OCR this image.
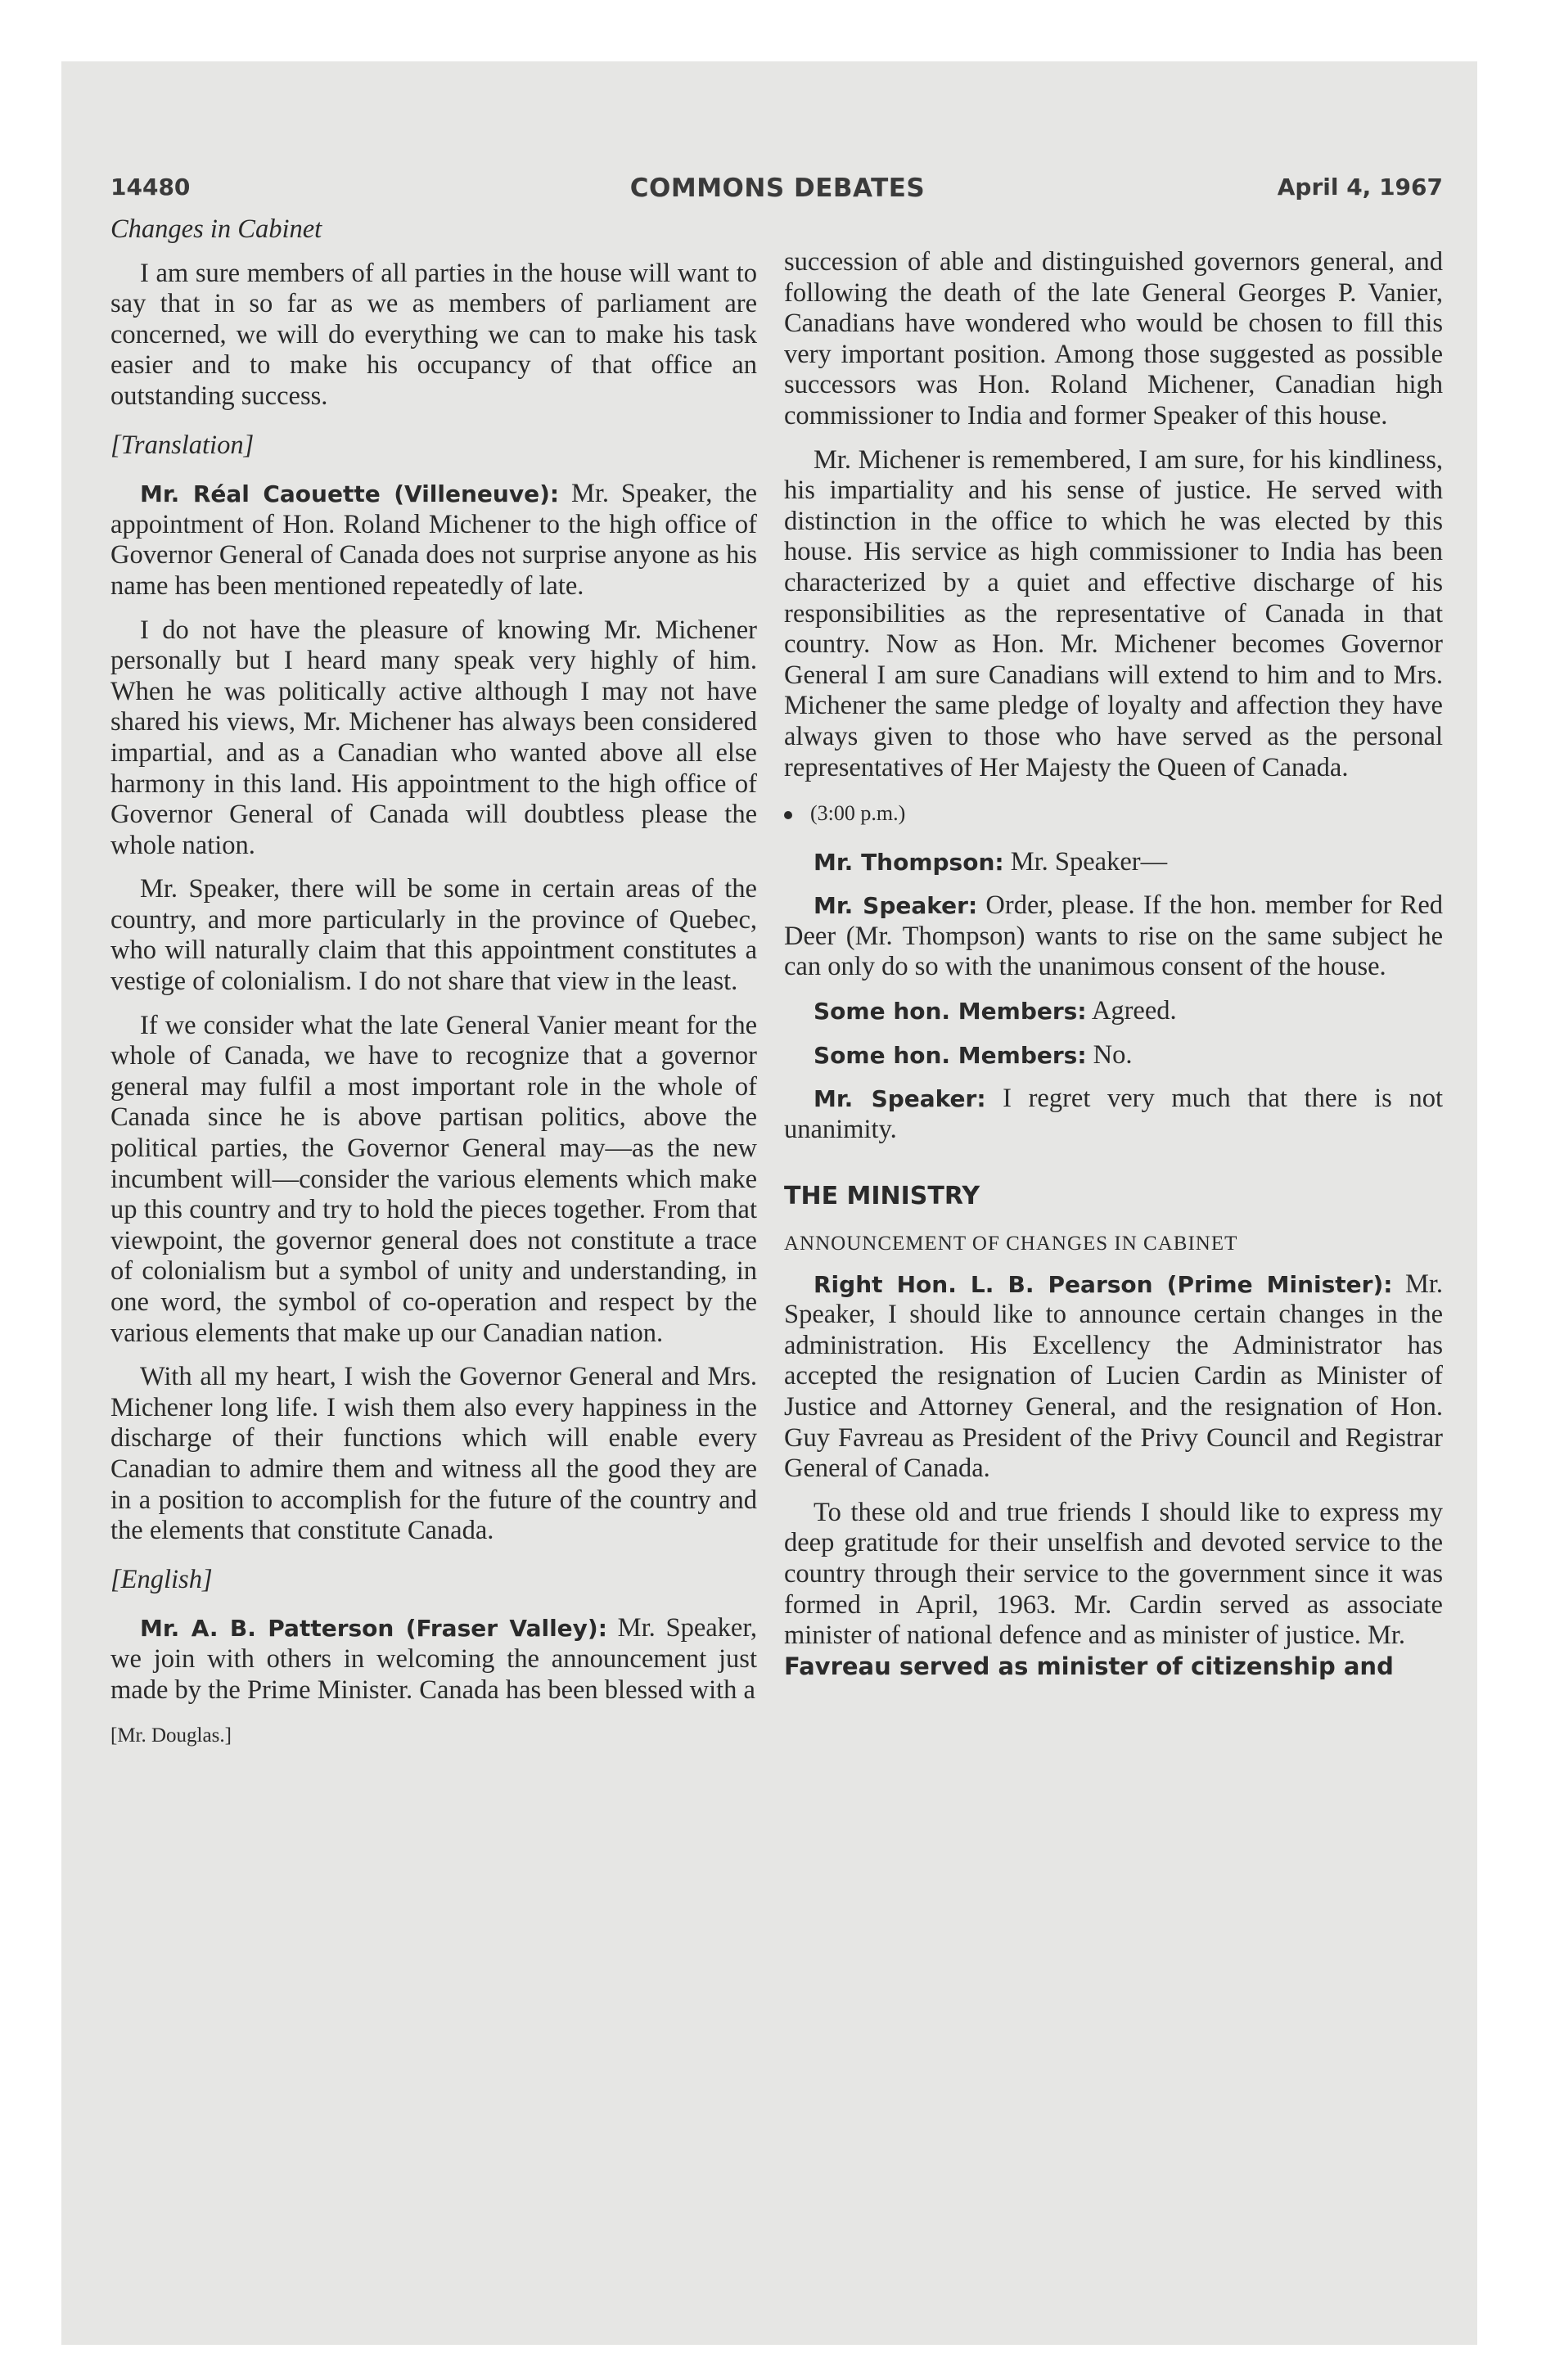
14480	COMMONS DEBATES	April 4, 1967

Changes in Cabinet

I am sure members of all parties in the house will want to say that in so far as we as members of parliament are concerned, we will do everything we can to make his task easier and to make his occupancy of that office an outstanding success.

[Translation]

Mr. Réal Caouette (Villeneuve): Mr. Speaker, the appointment of Hon. Roland Michener to the high office of Governor General of Canada does not surprise anyone as his name has been mentioned repeatedly of late.

I do not have the pleasure of knowing Mr. Michener personally but I heard many speak very highly of him. When he was politically active although I may not have shared his views, Mr. Michener has always been considered impartial, and as a Canadian who wanted above all else harmony in this land. His appointment to the high office of Governor General of Canada will doubtless please the whole nation.

Mr. Speaker, there will be some in certain areas of the country, and more particularly in the province of Quebec, who will naturally claim that this appointment constitutes a vestige of colonialism. I do not share that view in the least.

If we consider what the late General Vanier meant for the whole of Canada, we have to recognize that a governor general may fulfil a most important role in the whole of Canada since he is above partisan politics, above the political parties, the Governor General may—as the new incumbent will—consider the various elements which make up this country and try to hold the pieces together. From that viewpoint, the governor general does not constitute a trace of colonialism but a symbol of unity and understanding, in one word, the symbol of co-operation and respect by the various elements that make up our Canadian nation.

With all my heart, I wish the Governor General and Mrs. Michener long life. I wish them also every happiness in the discharge of their functions which will enable every Canadian to admire them and witness all the good they are in a position to accomplish for the future of the country and the elements that constitute Canada.

[English]

Mr. A. B. Patterson (Fraser Valley): Mr. Speaker, we join with others in welcoming the announcement just made by the Prime Minister. Canada has been blessed with a

[Mr. Douglas.]

succession of able and distinguished governors general, and following the death of the late General Georges P. Vanier, Canadians have wondered who would be chosen to fill this very important position. Among those suggested as possible successors was Hon. Roland Michener, Canadian high commissioner to India and former Speaker of this house.

Mr. Michener is remembered, I am sure, for his kindliness, his impartiality and his sense of justice. He served with distinction in the office to which he was elected by this house. His service as high commissioner to India has been characterized by a quiet and effective discharge of his responsibilities as the representative of Canada in that country. Now as Hon. Mr. Michener becomes Governor General I am sure Canadians will extend to him and to Mrs. Michener the same pledge of loyalty and affection they have always given to those who have served as the personal representatives of Her Majesty the Queen of Canada.

(3:00 p.m.)

Mr. Thompson: Mr. Speaker—

Mr. Speaker: Order, please. If the hon. member for Red Deer (Mr. Thompson) wants to rise on the same subject he can only do so with the unanimous consent of the house.

Some hon. Members: Agreed.

Some hon. Members: No.

Mr. Speaker: I regret very much that there is not unanimity.

THE MINISTRY

ANNOUNCEMENT OF CHANGES IN CABINET

Right Hon. L. B. Pearson (Prime Minister): Mr. Speaker, I should like to announce certain changes in the administration. His Excellency the Administrator has accepted the resignation of Lucien Cardin as Minister of Justice and Attorney General, and the resignation of Hon. Guy Favreau as President of the Privy Council and Registrar General of Canada.

To these old and true friends I should like to express my deep gratitude for their unselfish and devoted service to the country through their service to the government since it was formed in April, 1963. Mr. Cardin served as associate minister of national defence and as minister of justice. Mr.
Favreau served as minister of citizenship and
